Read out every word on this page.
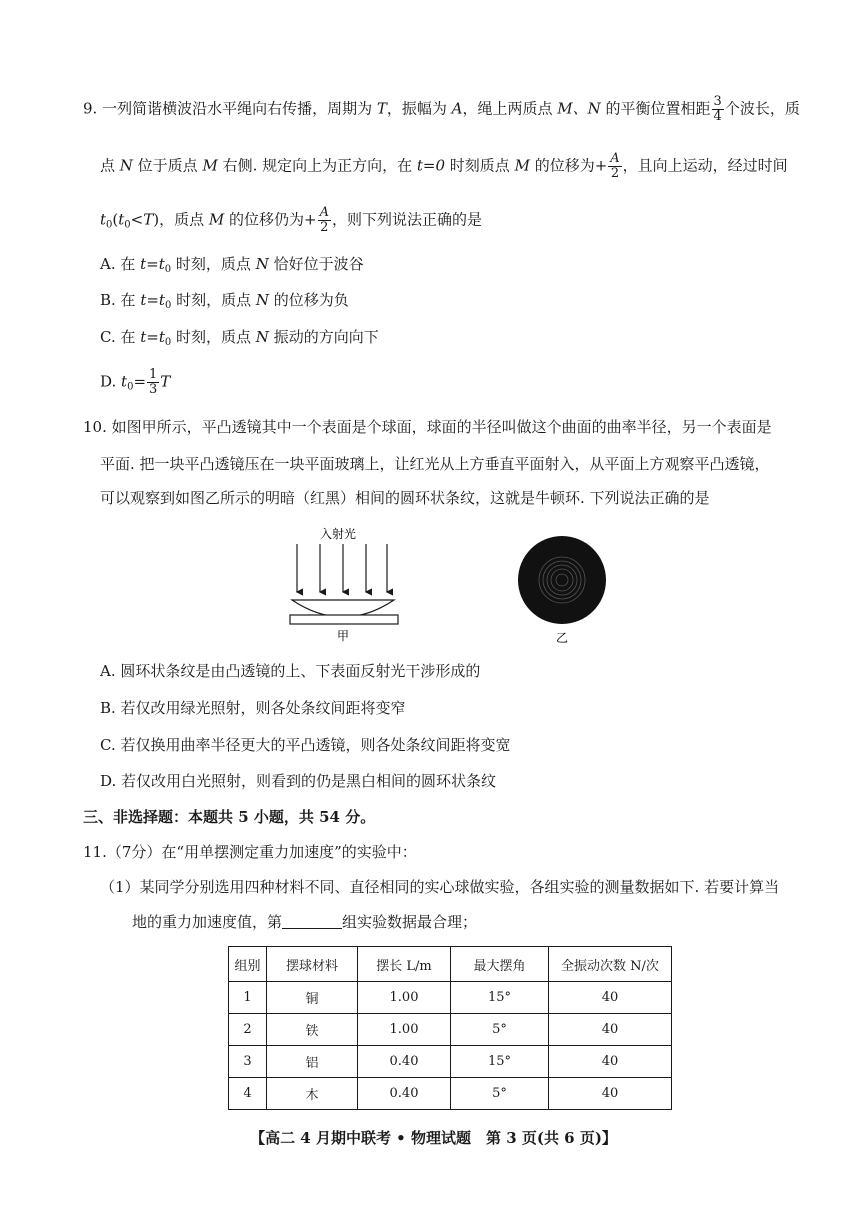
9. 一列简谐横波沿水平绳向右传播，周期为 T，振幅为 A，绳上两质点 M、N 的平衡位置相距 $\frac{3}{4}$ 个波长，质
点 N 位于质点 M 右侧. 规定向上为正方向，在 t=0 时刻质点 M 的位移为+ $\frac{A}{2}$ ，且向上运动，经过时间
$t_0(t_0<T)$，质点 M 的位移仍为+ $\frac{A}{2}$ ，则下列说法正确的是
A. 在 $t=t_0$ 时刻，质点 N 恰好位于波谷
B. 在 $t=t_0$ 时刻，质点 N 的位移为负
C. 在 $t=t_0$ 时刻，质点 N 振动的方向向下
D. $t_0= \frac{1}{3}$ T
10. 如图甲所示，平凸透镜其中一个表面是个球面，球面的半径叫做这个曲面的曲率半径，另一个表面是
平面. 把一块平凸透镜压在一块平面玻璃上，让红光从上方垂直平面射入，从平面上方观察平凸透镜，
可以观察到如图乙所示的明暗（红黑）相间的圆环状条纹，这就是牛顿环. 下列说法正确的是
入射光
甲	乙
A. 圆环状条纹是由凸透镜的上、下表面反射光干涉形成的
B. 若仅改用绿光照射，则各处条纹间距将变窄
C. 若仅换用曲率半径更大的平凸透镜，则各处条纹间距将变宽
D. 若仅改用白光照射，则看到的仍是黑白相间的圆环状条纹
三、非选择题：本题共 5 小题，共 54 分。
11.（7分）在“用单摆测定重力加速度”的实验中：
（1）某同学分别选用四种材料不同、直径相同的实心球做实验，各组实验的测量数据如下. 若要计算当
地的重力加速度值，第	组实验数据最合理；
组别	摆球材料	摆长 L/m	最大摆角	全振动次数 N/次
1	铜	1.00	15°	40
2	铁	1.00	5°	40
3	铝	0.40	15°	40
4	木	0.40	5°	40
【高二 4 月期中联考 • 物理试题　第 3 页(共 6 页)】
